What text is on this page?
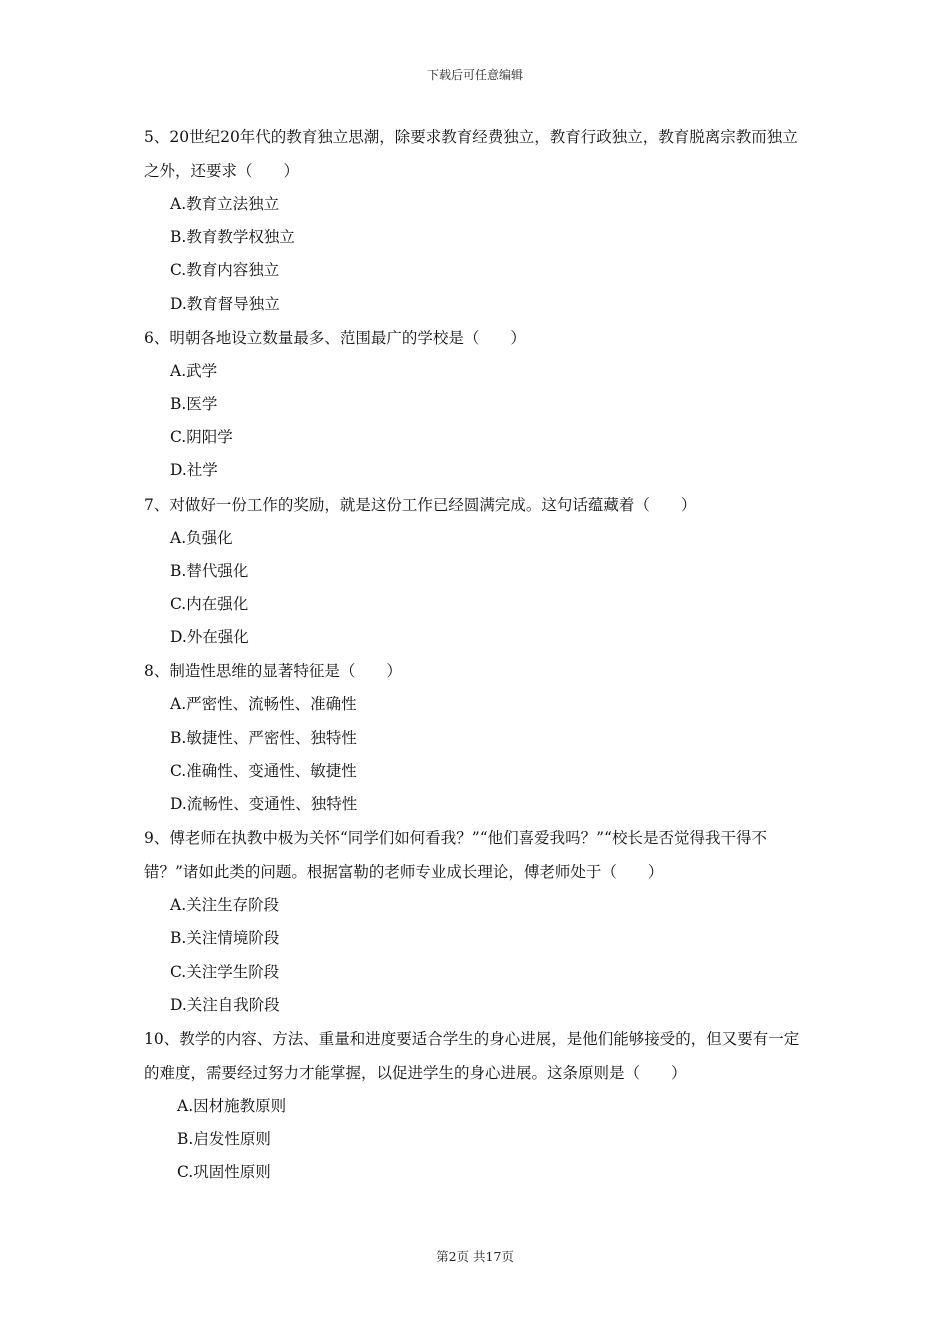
下载后可任意编辑

5、20世纪20年代的教育独立思潮，除要求教育经费独立，教育行政独立，教育脱离宗教而独立之外，还要求（　　）

A.教育立法独立

B.教育教学权独立

C.教育内容独立

D.教育督导独立

6、明朝各地设立数量最多、范围最广的学校是（　　）

A.武学

B.医学

C.阴阳学

D.社学

7、对做好一份工作的奖励，就是这份工作已经圆满完成。这句话蕴藏着（　　）

A.负强化

B.替代强化

C.内在强化

D.外在强化

8、制造性思维的显著特征是（　　）

A.严密性、流畅性、准确性

B.敏捷性、严密性、独特性

C.准确性、变通性、敏捷性

D.流畅性、变通性、独特性

9、傅老师在执教中极为关怀“同学们如何看我？”“他们喜爱我吗？”“校长是否觉得我干得不错？”诸如此类的问题。根据富勒的老师专业成长理论，傅老师处于（　　）

A.关注生存阶段

B.关注情境阶段

C.关注学生阶段

D.关注自我阶段

10、教学的内容、方法、重量和进度要适合学生的身心进展，是他们能够接受的，但又要有一定的难度，需要经过努力才能掌握，以促进学生的身心进展。这条原则是（　　）

A.因材施教原则

B.启发性原则

C.巩固性原则

第2页 共17页
